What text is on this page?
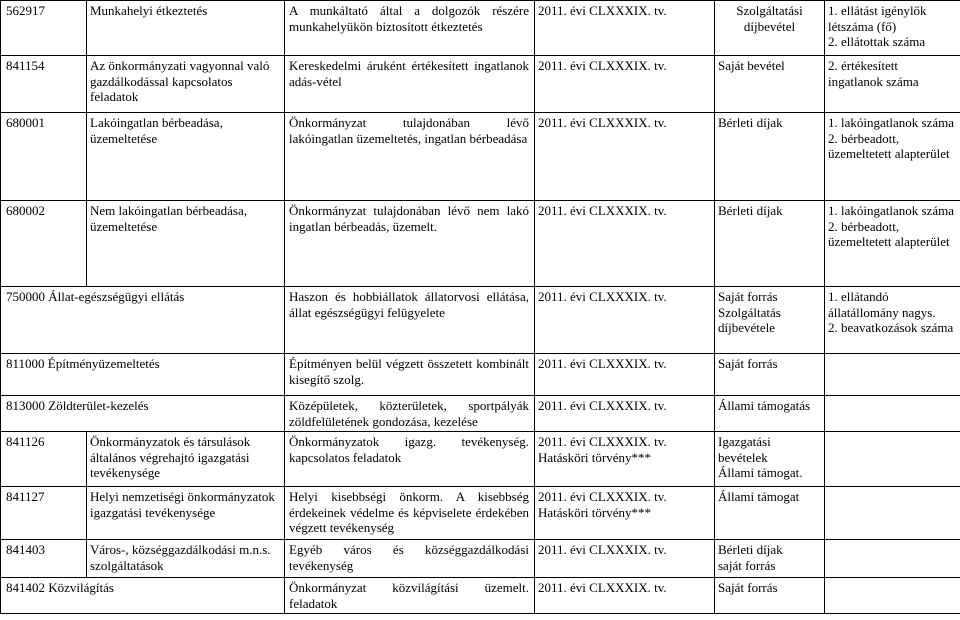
562917	Munkahelyi étkeztetés	A munkáltató által a dolgozók részére munkahelyükön biztosított étkeztetés	2011. évi CLXXXIX. tv.	Szolgáltatási
díjbevétel	1. ellátást igénylők létszáma (fő)
2. ellátottak száma

841154	Az önkormányzati vagyonnal való gazdálkodással kapcsolatos feladatok	Kereskedelmi áruként értékesített ingatlanok adás-vétel	2011. évi CLXXXIX. tv.	Saját bevétel	2. értékesített ingatlanok száma

680001	Lakóingatlan bérbeadása, üzemeltetése	Önkormányzat tulajdonában lévő lakóingatlan üzemeltetés, ingatlan bérbeadása	2011. évi CLXXXIX. tv.	Bérleti díjak	1. lakóingatlanok száma
2. bérbeadott, üzemeltetett alapterület

680002	Nem lakóingatlan bérbeadása, üzemeltetése	Önkormányzat tulajdonában lévő nem lakó ingatlan bérbeadás, üzemelt.	2011. évi CLXXXIX. tv.	Bérleti díjak	1. lakóingatlanok száma
2. bérbeadott, üzemeltetett alapterület

750000 Állat-egészségügyi ellátás		Haszon és hobbiállatok állatorvosi ellátása, állat egészségügyi felügyelete	2011. évi CLXXXIX. tv.	Saját forrás
Szolgáltatás
díjbevétele	1. ellátandó állatállomány nagys.
2. beavatkozások száma

811000 Építményüzemeltetés		Építményen belül végzett összetett kombinált kisegítő szolg.	2011. évi CLXXXIX. tv.	Saját forrás	

813000 Zöldterület-kezelés		Középületek, közterületek, sportpályák zöldfelületének gondozása, kezelése	2011. évi CLXXXIX. tv.	Állami támogatás	

841126	Önkormányzatok és társulások általános végrehajtó igazgatási tevékenysége	Önkormányzatok igazg. tevékenység. kapcsolatos feladatok	2011. évi CLXXXIX. tv.
Hatásköri törvény***	Igazgatási
bevételek
Állami támogat.	

841127	Helyi nemzetiségi önkormányzatok igazgatási tevékenysége	Helyi kisebbségi önkorm. A kisebbség érdekeinek védelme és képviselete érdekében végzett tevékenység	2011. évi CLXXXIX. tv.
Hatásköri törvény***	Állami támogat	

841403	Város-, községgazdálkodási m.n.s. szolgáltatások	Egyéb város és községgazdálkodási tevékenység	2011. évi CLXXXIX. tv.	Bérleti díjak
saját forrás	

841402 Közvilágítás		Önkormányzat közvilágítási üzemelt. feladatok	2011. évi CLXXXIX. tv.	Saját forrás	
